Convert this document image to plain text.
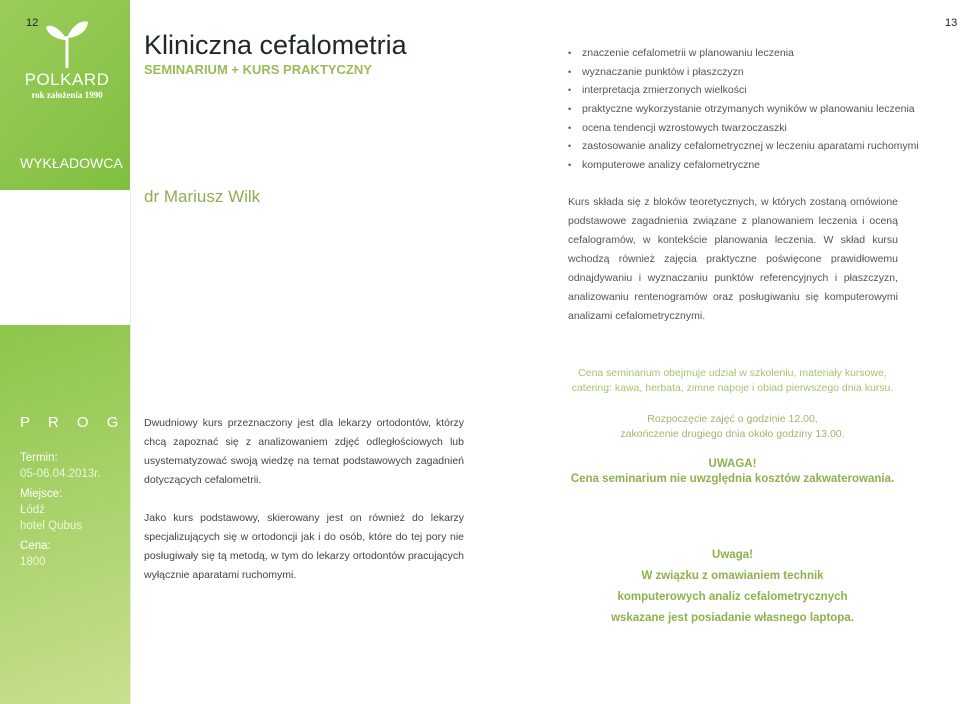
12	13
POLKARD
rok założenia 1990
WYKŁADOWCA
Kliniczna cefalometria
SEMINARIUM + KURS PRAKTYCZNY
dr Mariusz Wilk
•	znaczenie cefalometrii w planowaniu leczenia
•	wyznaczanie punktów i płaszczyzn
•	interpretacja zmierzonych wielkości
•	praktyczne wykorzystanie otrzymanych wyników w planowaniu leczenia
•	ocena tendencji wzrostowych twarzoczaszki
•	zastosowanie analizy cefalometrycznej w leczeniu aparatami ruchomymi
•	komputerowe analizy cefalometryczne
Kurs składa się z bloków teoretycznych, w których zostaną omówione podstawowe zagadnienia związane z planowaniem leczenia i oceną cefalogramów, w kontekście planowania leczenia. W skład kursu wchodzą również zajęcia praktyczne poświęcone prawidłowemu odnajdywaniu i wyznaczaniu punktów referencyjnych i płaszczyzn, analizowaniu rentenogramów oraz posługiwaniu się komputerowymi analizami cefalometrycznymi.
P R O G R A M
Termin:
05-06.04.2013r.
Miejsce:
Łódź
hotel Qubus
Cena:
1800

Dwudniowy kurs przeznaczony jest dla lekarzy ortodontów, którzy chcą zapoznać się z analizowaniem zdjęć odległościowych lub usystematyzować swoją wiedzę na temat podstawowych zagadnień dotyczących cefalometrii.

Jako kurs podstawowy, skierowany jest on również do lekarzy specjalizujących się w ortodoncji jak i do osób, które do tej pory nie posługiwały się tą metodą, w tym do lekarzy ortodontów pracujących wyłącznie aparatami ruchomymi.

Cena seminarium obejmuje udział w szkoleniu, materiały kursowe,
catering: kawa, herbata, zimne napoje i obiad pierwszego dnia kursu.
Rozpoczęcie zajęć o godzinie 12.00,
zakończenie drugiego dnia około godziny 13.00.
UWAGA!
Cena seminarium nie uwzględnia kosztów zakwaterowania.
Uwaga!
W związku z omawianiem technik
komputerowych analiz cefalometrycznych
wskazane jest posiadanie własnego laptopa.
